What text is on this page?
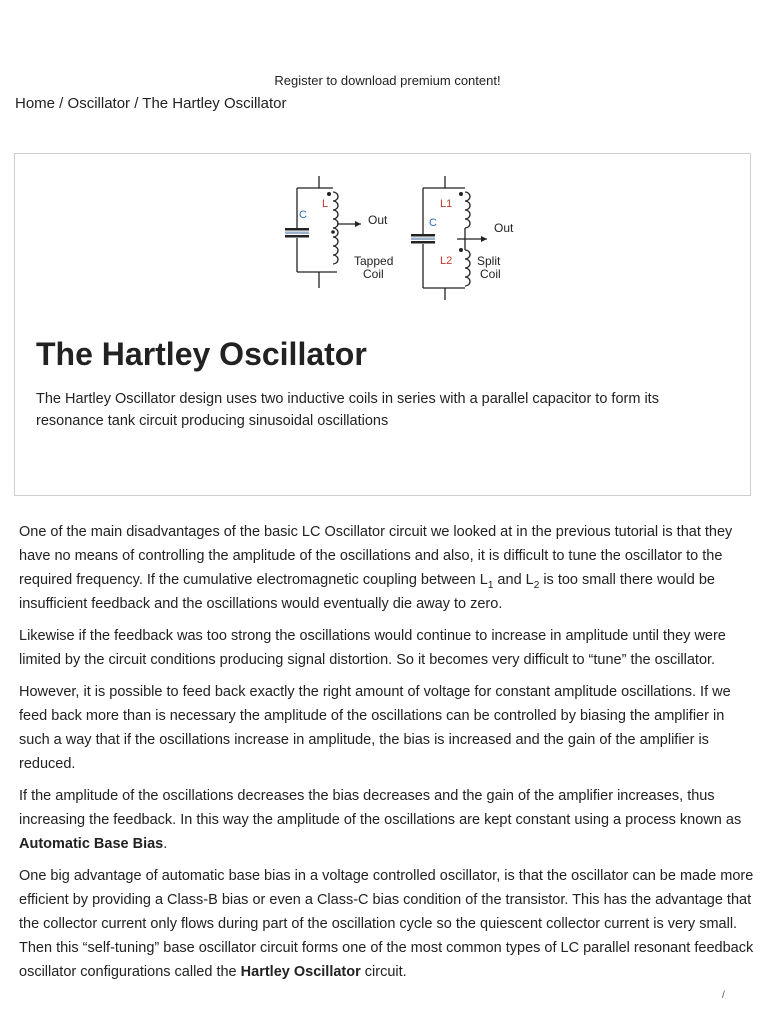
Register to download premium content!
Home / Oscillator / The Hartley Oscillator
C
L
Out
Tapped
Coil
L1
C	Out
L2 Split
Coil
The Hartley Oscillator

The Hartley Oscillator design uses two inductive coils in series with a parallel capacitor to form its resonance tank circuit producing sinusoidal oscillations

One of the main disadvantages of the basic LC Oscillator circuit we looked at in the previous tutorial is that they have no means of controlling the amplitude of the oscillations and also, it is difficult to tune the oscillator to the required frequency. If the cumulative electromagnetic coupling between $L_1$ and $L_2$ is too small there would be insufficient feedback and the oscillations would eventually die away to zero.

Likewise if the feedback was too strong the oscillations would continue to increase in amplitude until they were limited by the circuit conditions producing signal distortion. So it becomes very difficult to “tune” the oscillator.

However, it is possible to feed back exactly the right amount of voltage for constant amplitude oscillations. If we feed back more than is necessary the amplitude of the oscillations can be controlled by biasing the amplifier in such a way that if the oscillations increase in amplitude, the bias is increased and the gain of the amplifier is reduced.

If the amplitude of the oscillations decreases the bias decreases and the gain of the amplifier increases, thus increasing the feedback. In this way the amplitude of the oscillations are kept constant using a process known as Automatic Base Bias.

One big advantage of automatic base bias in a voltage controlled oscillator, is that the oscillator can be made more efficient by providing a Class-B bias or even a Class-C bias condition of the transistor. This has the advantage that the collector current only flows during part of the oscillation cycle so the quiescent collector current is very small. Then this “self-tuning” base oscillator circuit forms one of the most common types of LC parallel resonant feedback oscillator configurations called the Hartley Oscillator circuit.

/
